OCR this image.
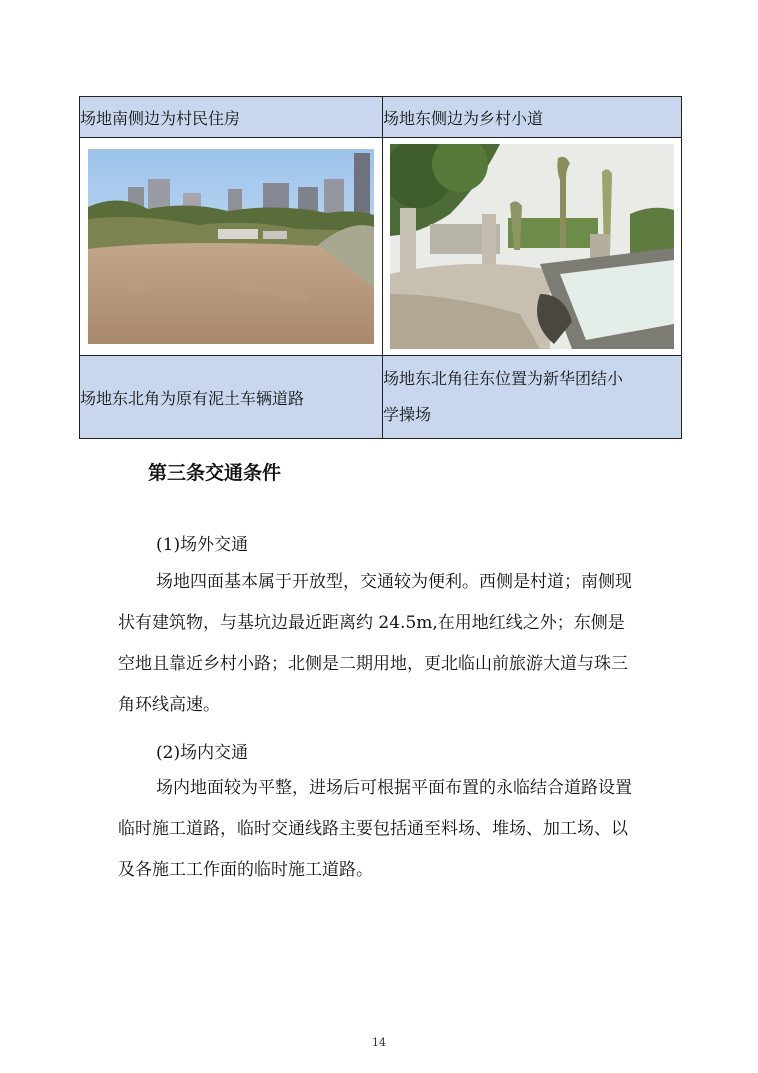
场地南侧边为村民住房	场地东侧边为乡村小道

场地东北角为原有泥土车辆道路	场地东北角往东位置为新华团结小
学操场
第三条交通条件
(1)场外交通
场地四面基本属于开放型，交通较为便利。西侧是村道；南侧现状有建筑物，与基坑边最近距离约 24.5m,在用地红线之外；东侧是空地且靠近乡村小路；北侧是二期用地，更北临山前旅游大道与珠三角环线高速。
(2)场内交通
场内地面较为平整，进场后可根据平面布置的永临结合道路设置临时施工道路，临时交通线路主要包括通至料场、堆场、加工场、以及各施工工作面的临时施工道路。
14
